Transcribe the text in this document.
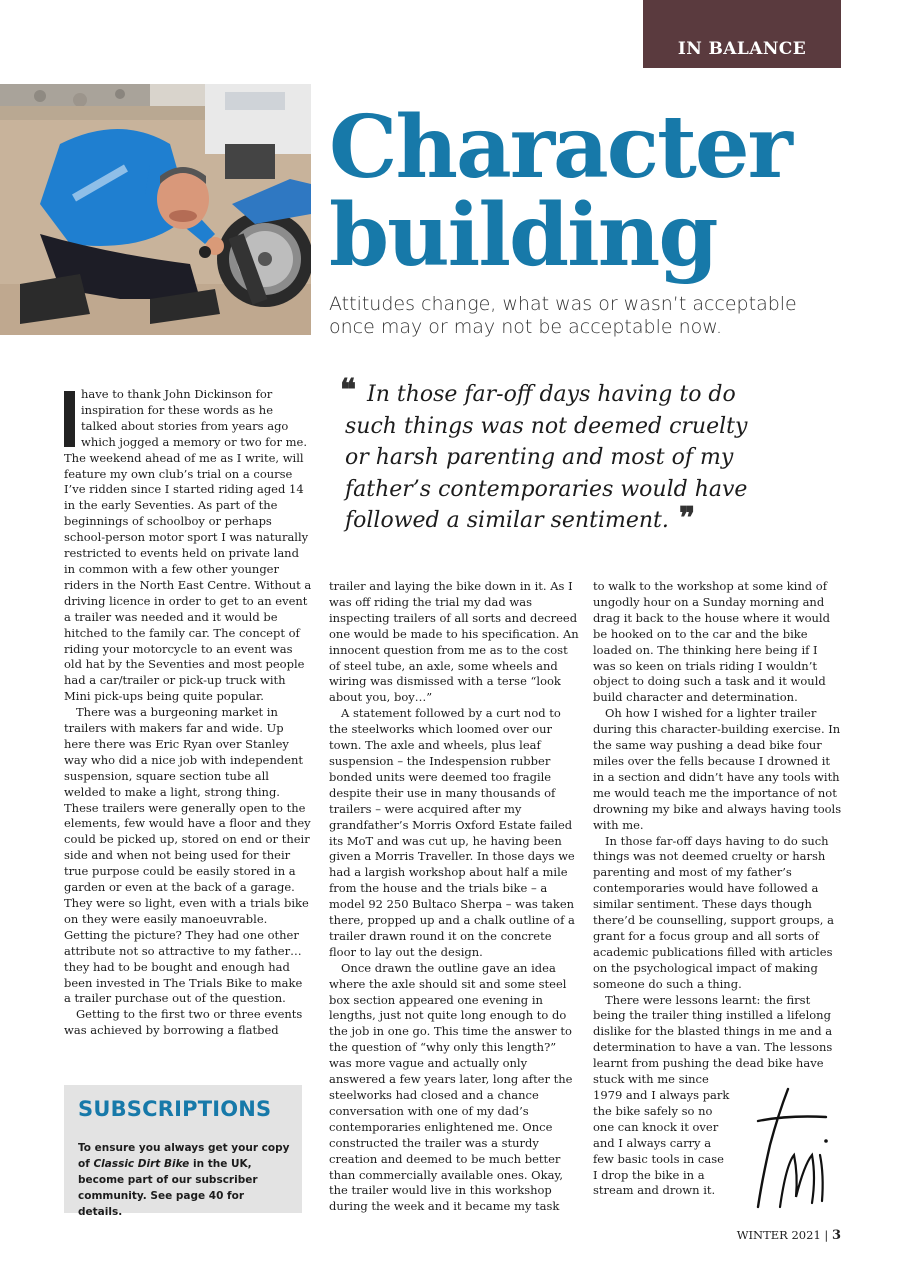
IN BALANCE
Character
building

Attitudes change, what was or wasn’t acceptable once may or may not be acceptable now.

❝ In those far-off days having to do such things was not deemed cruelty or harsh parenting and most of my father’s contemporaries would have followed a similar sentiment. ❞

have to thank John Dickinson for inspiration for these words as he talked about stories from years ago which jogged a memory or two for me. The weekend ahead of me as I write, will feature my own club’s trial on a course I’ve ridden since I started riding aged 14 in the early Seventies. As part of the beginnings of schoolboy or perhaps school-person motor sport I was naturally restricted to events held on private land in common with a few other younger riders in the North East Centre. Without a driving licence in order to get to an event a trailer was needed and it would be hitched to the family car. The concept of riding your motorcycle to an event was old hat by the Seventies and most people had a car/trailer or pick-up truck with Mini pick-ups being quite popular.

There was a burgeoning market in trailers with makers far and wide. Up here there was Eric Ryan over Stanley way who did a nice job with independent suspension, square section tube all welded to make a light, strong thing. These trailers were generally open to the elements, few would have a floor and they could be picked up, stored on end or their side and when not being used for their true purpose could be easily stored in a garden or even at the back of a garage. They were so light, even with a trials bike on they were easily manoeuvrable. Getting the picture? They had one other attribute not so attractive to my father… they had to be bought and enough had been invested in The Trials Bike to make a trailer purchase out of the question.

Getting to the first two or three events was achieved by borrowing a flatbed

trailer and laying the bike down in it. As I was off riding the trial my dad was inspecting trailers of all sorts and decreed one would be made to his specification. An innocent question from me as to the cost of steel tube, an axle, some wheels and wiring was dismissed with a terse “look about you, boy…”

A statement followed by a curt nod to the steelworks which loomed over our town. The axle and wheels, plus leaf suspension – the Indespension rubber bonded units were deemed too fragile despite their use in many thousands of trailers – were acquired after my grandfather’s Morris Oxford Estate failed its MoT and was cut up, he having been given a Morris Traveller. In those days we had a largish workshop about half a mile from the house and the trials bike – a model 92 250 Bultaco Sherpa – was taken there, propped up and a chalk outline of a trailer drawn round it on the concrete floor to lay out the design.

Once drawn the outline gave an idea where the axle should sit and some steel box section appeared one evening in lengths, just not quite long enough to do the job in one go. This time the answer to the question of “why only this length?” was more vague and actually only answered a few years later, long after the steelworks had closed and a chance conversation with one of my dad’s contemporaries enlightened me. Once constructed the trailer was a sturdy creation and deemed to be much better than commercially available ones. Okay, the trailer would live in this workshop during the week and it became my task

to walk to the workshop at some kind of ungodly hour on a Sunday morning and drag it back to the house where it would be hooked on to the car and the bike loaded on. The thinking here being if I was so keen on trials riding I wouldn’t object to doing such a task and it would build character and determination.

Oh how I wished for a lighter trailer during this character-building exercise. In the same way pushing a dead bike four miles over the fells because I drowned it in a section and didn’t have any tools with me would teach me the importance of not drowning my bike and always having tools with me.

In those far-off days having to do such things was not deemed cruelty or harsh parenting and most of my father’s contemporaries would have followed a similar sentiment. These days though there’d be counselling, support groups, a grant for a focus group and all sorts of academic publications filled with articles on the psychological impact of making someone do such a thing.

There were lessons learnt: the first being the trailer thing instilled a lifelong dislike for the blasted things in me and a determination to have a van. The lessons learnt from pushing the dead bike have

stuck with me since
1979 and I always park
the bike safely so no
one can knock it over
and I always carry a
few basic tools in case
I drop the bike in a
stream and drown it.

SUBSCRIPTIONS

To ensure you always get your copy of Classic Dirt Bike in the UK, become part of our subscriber community. See page 40 for details.

WINTER 2021 | 3
